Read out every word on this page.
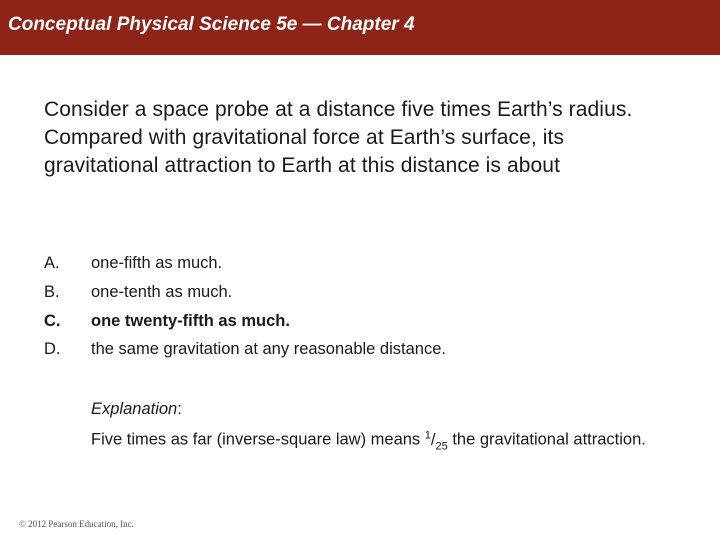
Conceptual Physical Science 5e — Chapter 4
Consider a space probe at a distance five times Earth’s radius. Compared with gravitational force at Earth’s surface, its gravitational attraction to Earth at this distance is about
A. one-fifth as much.
B. one-tenth as much.
C. one twenty-fifth as much.
D. the same gravitation at any reasonable distance.
Explanation:
Five times as far (inverse-square law) means $^1/_{25}$ the gravitational attraction.
© 2012 Pearson Education, Inc.
